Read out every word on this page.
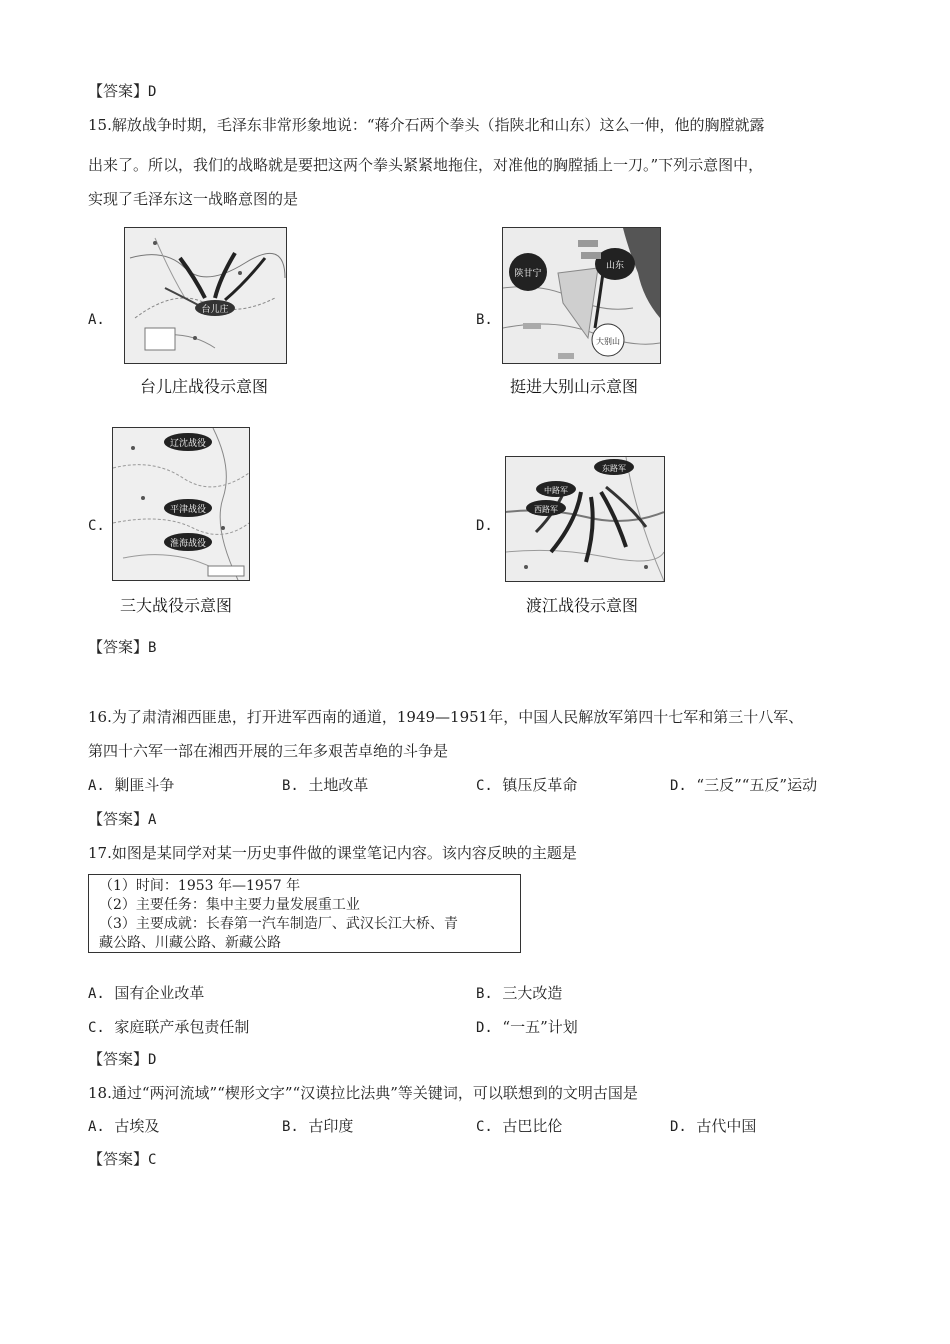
【答案】D
15.解放战争时期，毛泽东非常形象地说：“蒋介石两个拳头（指陕北和山东）这么一伸，他的胸膛就露
出来了。所以，我们的战略就是要把这两个拳头紧紧地拖住，对准他的胸膛插上一刀。”下列示意图中，
实现了毛泽东这一战略意图的是
A.
台儿庄
台儿庄战役示意图
B.
陕甘宁
山东
大别山
挺进大别山示意图
C.
辽沈战役
平津战役
淮海战役
三大战役示意图
D.
东路军
中路军
西路军
渡江战役示意图
【答案】B
16.为了肃清湘西匪患，打开进军西南的通道，1949—1951年，中国人民解放军第四十七军和第三十八军、
第四十六军一部在湘西开展的三年多艰苦卓绝的斗争是
A. 剿匪斗争	B. 土地改革	C. 镇压反革命	D. “三反”“五反”运动
【答案】A
17.如图是某同学对某一历史事件做的课堂笔记内容。该内容反映的主题是
（1）时间：1953 年—1957 年
（2）主要任务：集中主要力量发展重工业
（3）主要成就：长春第一汽车制造厂、武汉长江大桥、青
藏公路、川藏公路、新藏公路
A. 国有企业改革	B. 三大改造
C. 家庭联产承包责任制	D. “一五”计划
【答案】D
18.通过“两河流域”“楔形文字”“汉谟拉比法典”等关键词，可以联想到的文明古国是
A. 古埃及	B. 古印度	C. 古巴比伦	D. 古代中国
【答案】C
